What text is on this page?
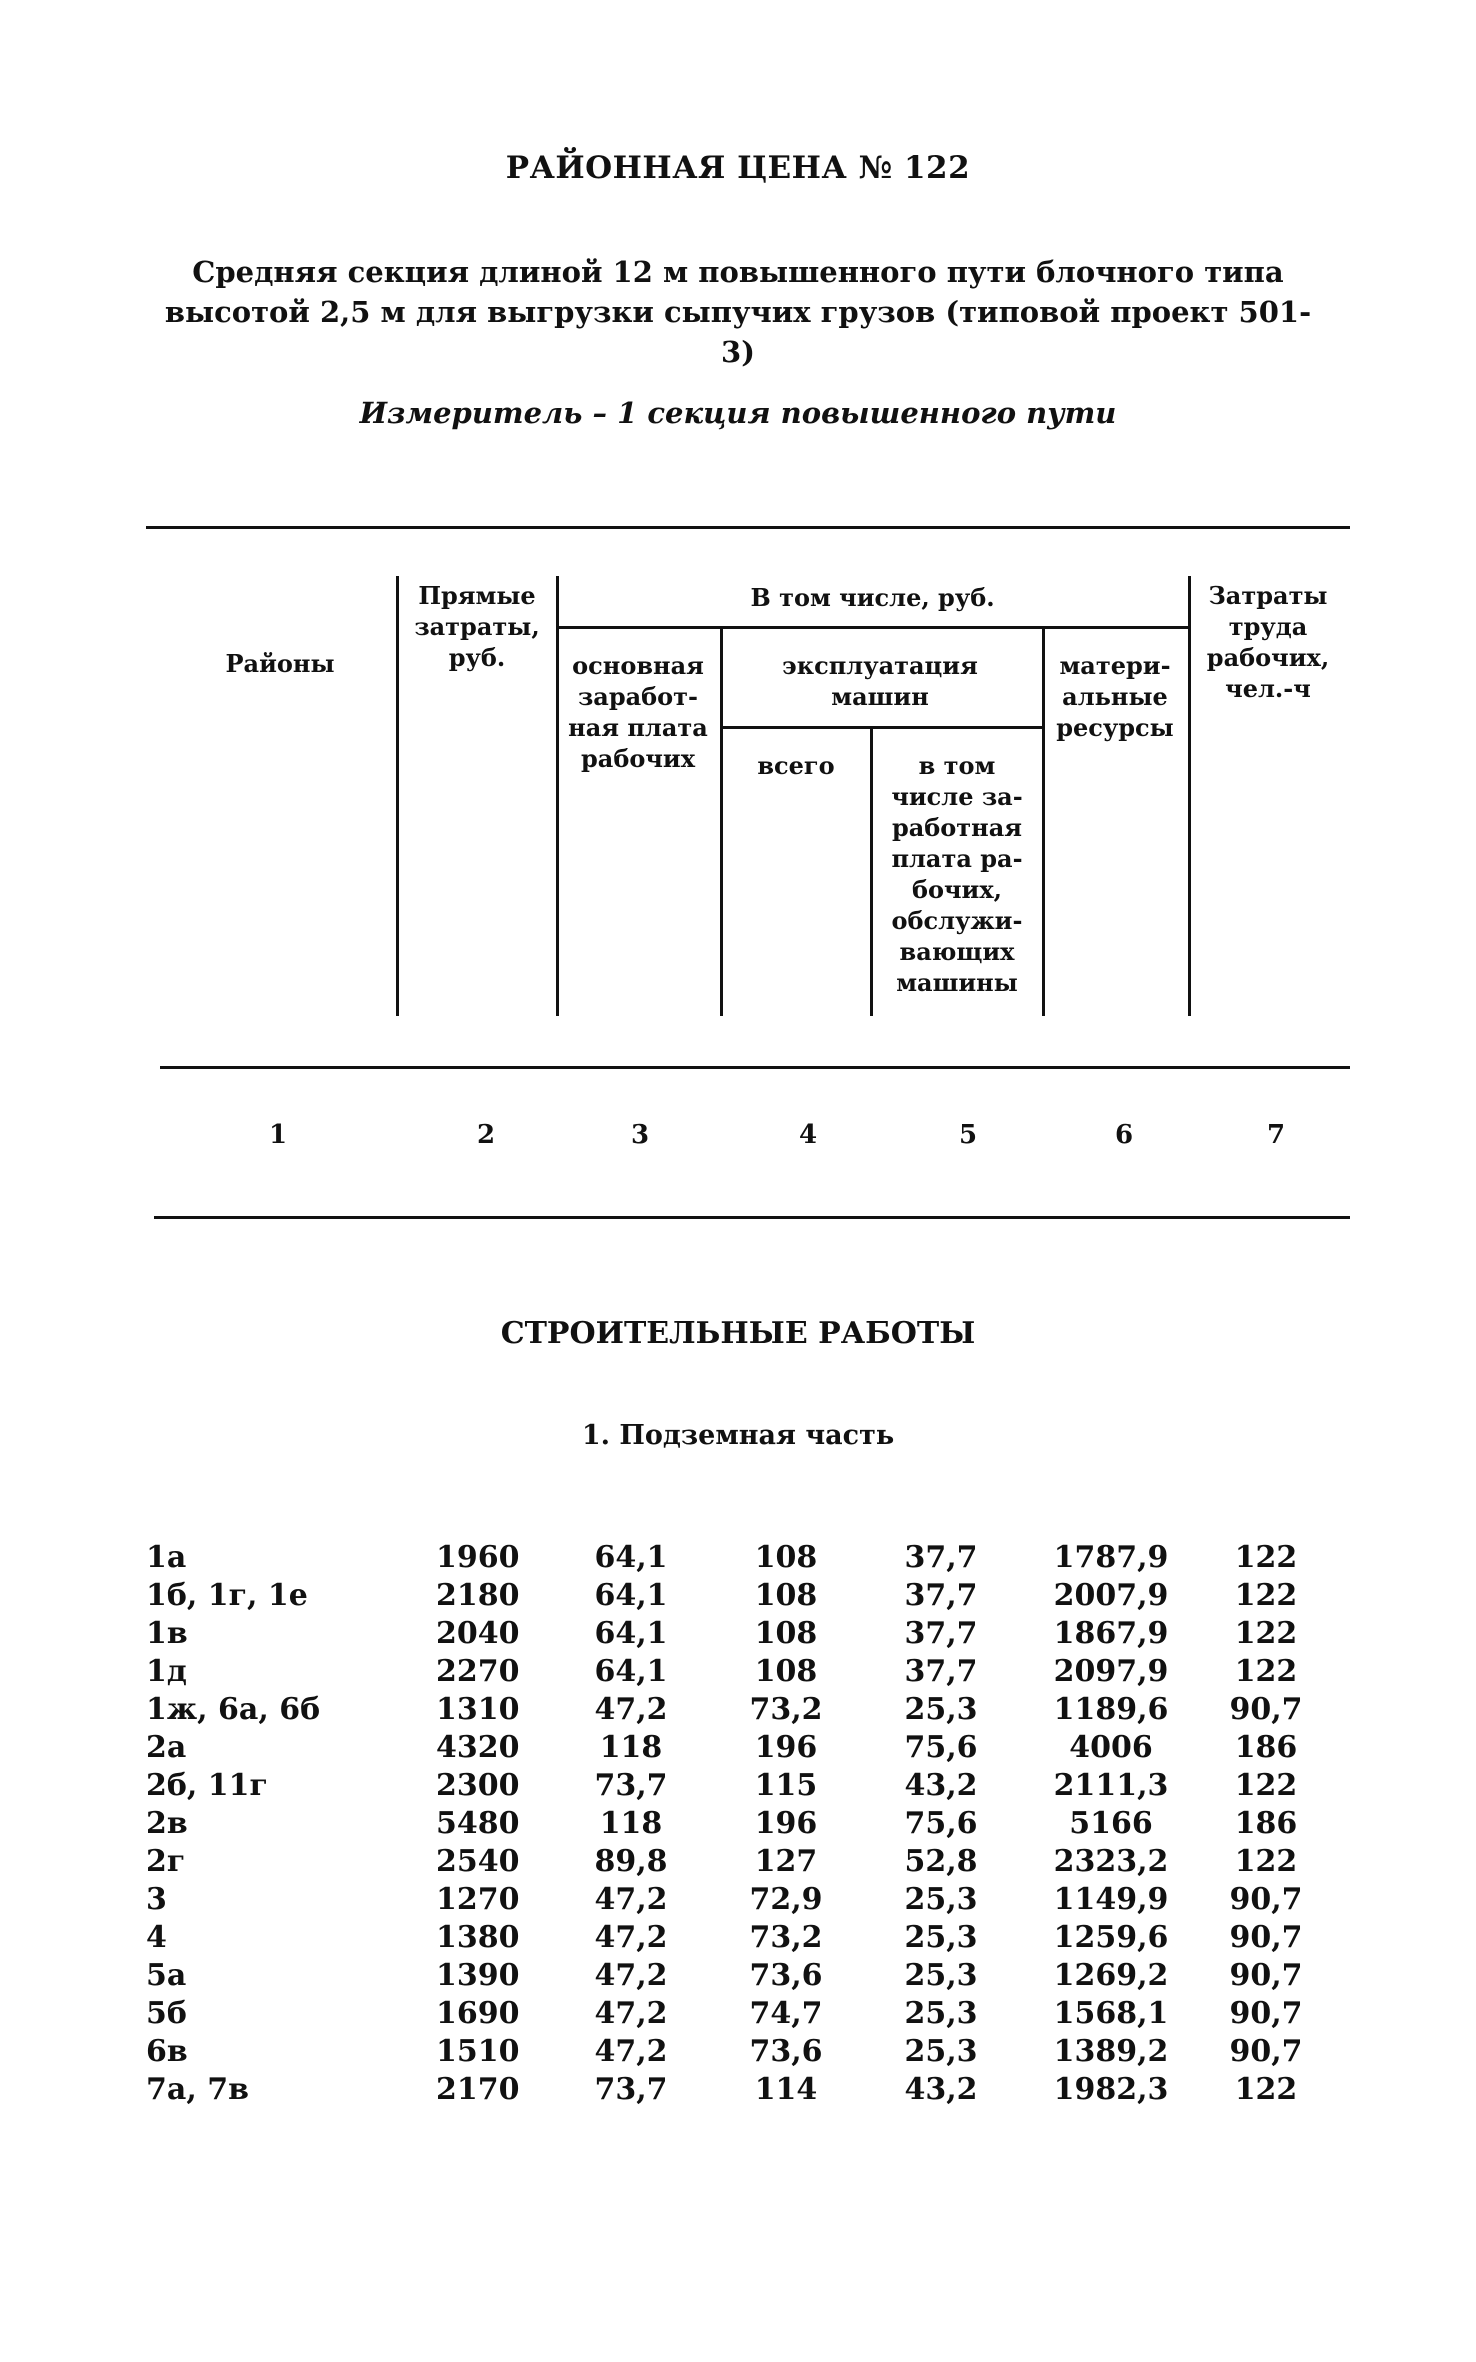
РАЙОННАЯ ЦЕНА № 122
Средняя секция длиной 12 м повышенного пути блочного типа
высотой 2,5 м для выгрузки сыпучих грузов (типовой проект 501-3)
Измеритель – 1 секция повышенного пути
Районы
Прямые затраты, руб.
В том числе, руб.	Затраты труда рабочих, чел.-ч
основная заработ-ная плата рабочих
эксплуатация машин
матери-альные ресурсы
всего	в том числе за-работная плата ра-бочих, обслужи-вающих машины
1	2	3	4	5	6	7
СТРОИТЕЛЬНЫЕ РАБОТЫ
1. Подземная часть
1а	1960 64,1	108	37,7	1787,9	122
1б, 1г, 1е	2180 64,1	108	37,7	2007,9	122
1в	2040 64,1	108	37,7	1867,9	122
1д	2270 64,1	108	37,7	2097,9	122
1ж, 6а, 6б	1310 47,2	73,2	25,3	1189,6	90,7
2а	4320	118	196	75,6	4006	186
2б, 11г	2300 73,7	115	43,2	2111,3	122
2в	5480	118	196	75,6	5166	186
2г	2540 89,8	127	52,8	2323,2	122
3	1270 47,2	72,9	25,3	1149,9	90,7
4	1380 47,2	73,2	25,3	1259,6	90,7
5а	1390 47,2	73,6	25,3	1269,2	90,7
5б	1690 47,2	74,7	25,3	1568,1	90,7
6в	1510 47,2	73,6	25,3	1389,2	90,7
7а, 7в	2170 73,7	114	43,2	1982,3	122
